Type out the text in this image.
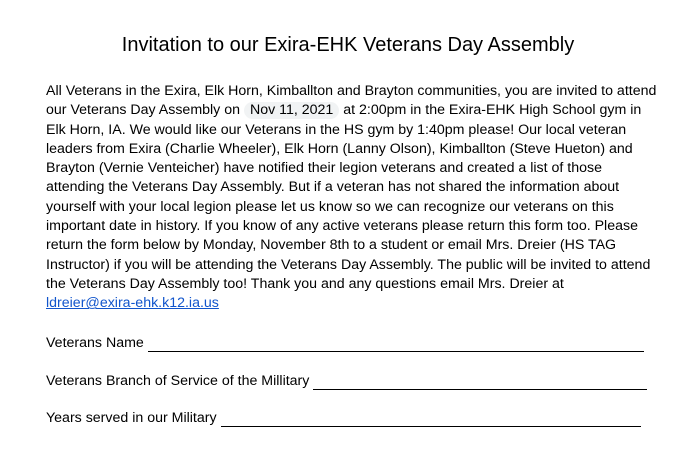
Invitation to our Exira-EHK Veterans Day Assembly

All Veterans in the Exira, Elk Horn, Kimballton and Brayton communities, you are invited to attend our Veterans Day Assembly on Nov 11, 2021 at 2:00pm in the Exira-EHK High School gym in Elk Horn, IA. We would like our Veterans in the HS gym by 1:40pm please! Our local veteran leaders from Exira (Charlie Wheeler), Elk Horn (Lanny Olson), Kimballton (Steve Hueton) and Brayton (Vernie Venteicher) have notified their legion veterans and created a list of those attending the Veterans Day Assembly. But if a veteran has not shared the information about yourself with your local legion please let us know so we can recognize our veterans on this important date in history. If you know of any active veterans please return this form too. Please return the form below by Monday, November 8th to a student or email Mrs. Dreier (HS TAG Instructor) if you will be attending the Veterans Day Assembly. The public will be invited to attend the Veterans Day Assembly too! Thank you and any questions email Mrs. Dreier at
ldreier@exira-ehk.k12.ia.us

Veterans Name
Veterans Branch of Service of the Millitary
Years served in our Military
